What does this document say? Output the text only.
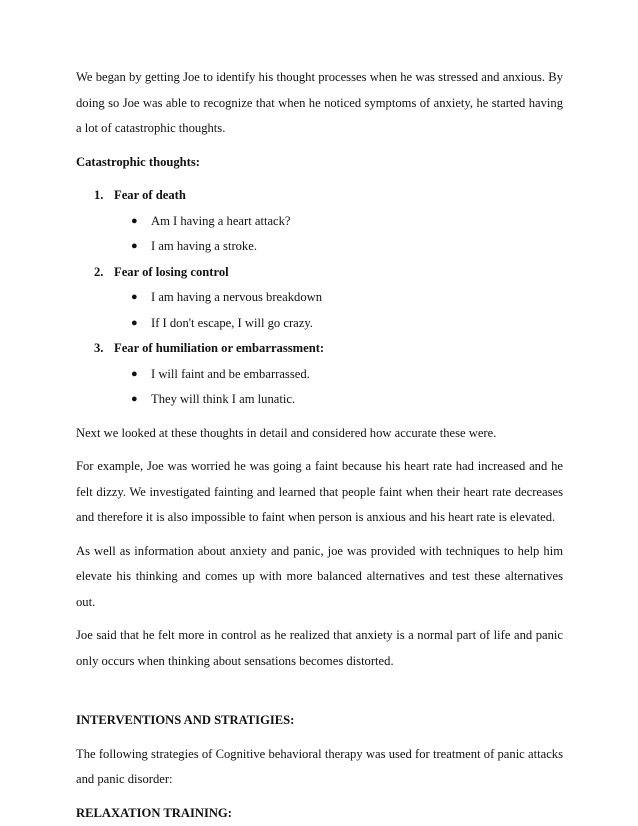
We began by getting Joe to identify his thought processes when he was stressed and anxious. By doing so Joe was able to recognize that when he noticed symptoms of anxiety, he started having a lot of catastrophic thoughts.

Catastrophic thoughts:

1. Fear of death
●	Am I having a heart attack?
●	I am having a stroke.
2. Fear of losing control
●	I am having a nervous breakdown
●	If I don't escape, I will go crazy.
3. Fear of humiliation or embarrassment:
●	I will faint and be embarrassed.
●	They will think I am lunatic.

Next we looked at these thoughts in detail and considered how accurate these were.

For example, Joe was worried he was going a faint because his heart rate had increased and he felt dizzy. We investigated fainting and learned that people faint when their heart rate decreases and therefore it is also impossible to faint when person is anxious and his heart rate is elevated.

As well as information about anxiety and panic, joe was provided with techniques to help him elevate his thinking and comes up with more balanced alternatives and test these alternatives out.

Joe said that he felt more in control as he realized that anxiety is a normal part of life and panic only occurs when thinking about sensations becomes distorted.

INTERVENTIONS AND STRATIGIES:

The following strategies of Cognitive behavioral therapy was used for treatment of panic attacks and panic disorder:

RELAXATION TRAINING:
